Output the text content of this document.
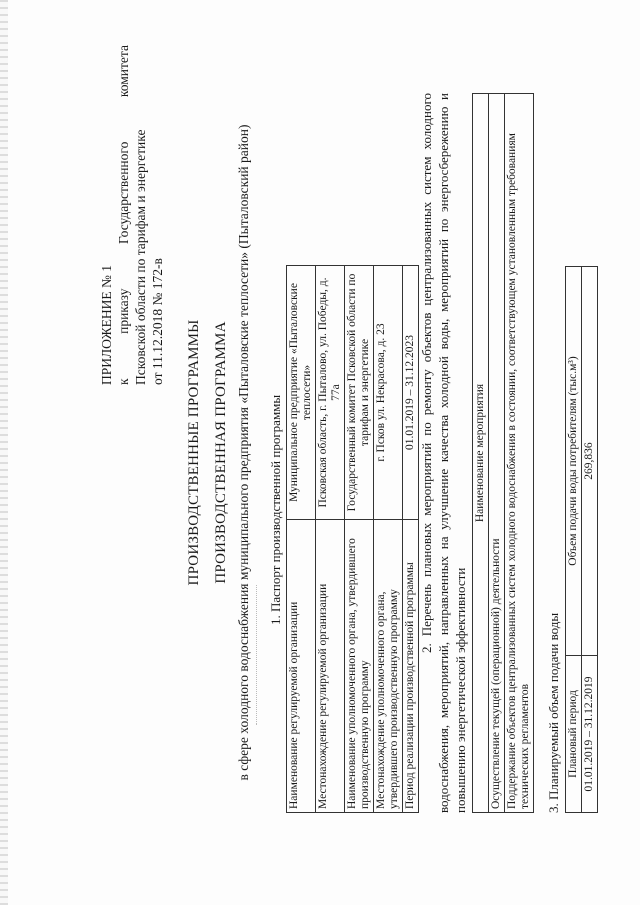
ПРИЛОЖЕНИЕ № 1 к
приказу
Государственного
комитета
Псковской области по тарифам и энергетике от 11.12.2018 № 172-в ПРОИЗВОДСТВЕННЫЕ ПРОГРАММЫ ПРОИЗВОДСТВЕННАЯ ПРОГРАММА в сфере холодного водоснабжения муниципального предприятия «Пыталовские теплосети» (Пыталовский район) 1. Паспорт производственной программы
Наименование регулируемой организации	Муниципальное предприятие «Пыталовские теплосети»
Местонахождение регулируемой организации	Псковская область, г. Пыталово, ул. Победы, д. 77а
Наименование уполномоченного органа, утвердившего производственную программу	Государственный комитет Псковской области по тарифам и энергетике
Местонахождение уполномоченного органа, утвердившего производственную программу	г. Псков ул. Некрасова, д. 23
Период реализации производственной программы	01.01.2019 – 31.12.2023 2. Перечень плановых мероприятий по ремонту объектов централизованных систем холодного водоснабжения, мероприятий, направленных на улучшение качества холодной воды, мероприятий по энергосбережению и повышению энергетической эффективности
Наименование мероприятия
Осуществление текущей (операционной) деятельности
Поддержание объектов централизованных систем холодного водоснабжения в состоянии, соответствующем установленным требованиям технических регламентов 3. Планируемый объем подачи воды Плановый период	Объем подачи воды потребителям (тыс.м³)
01.01.2019 – 31.12.2019	269,836
